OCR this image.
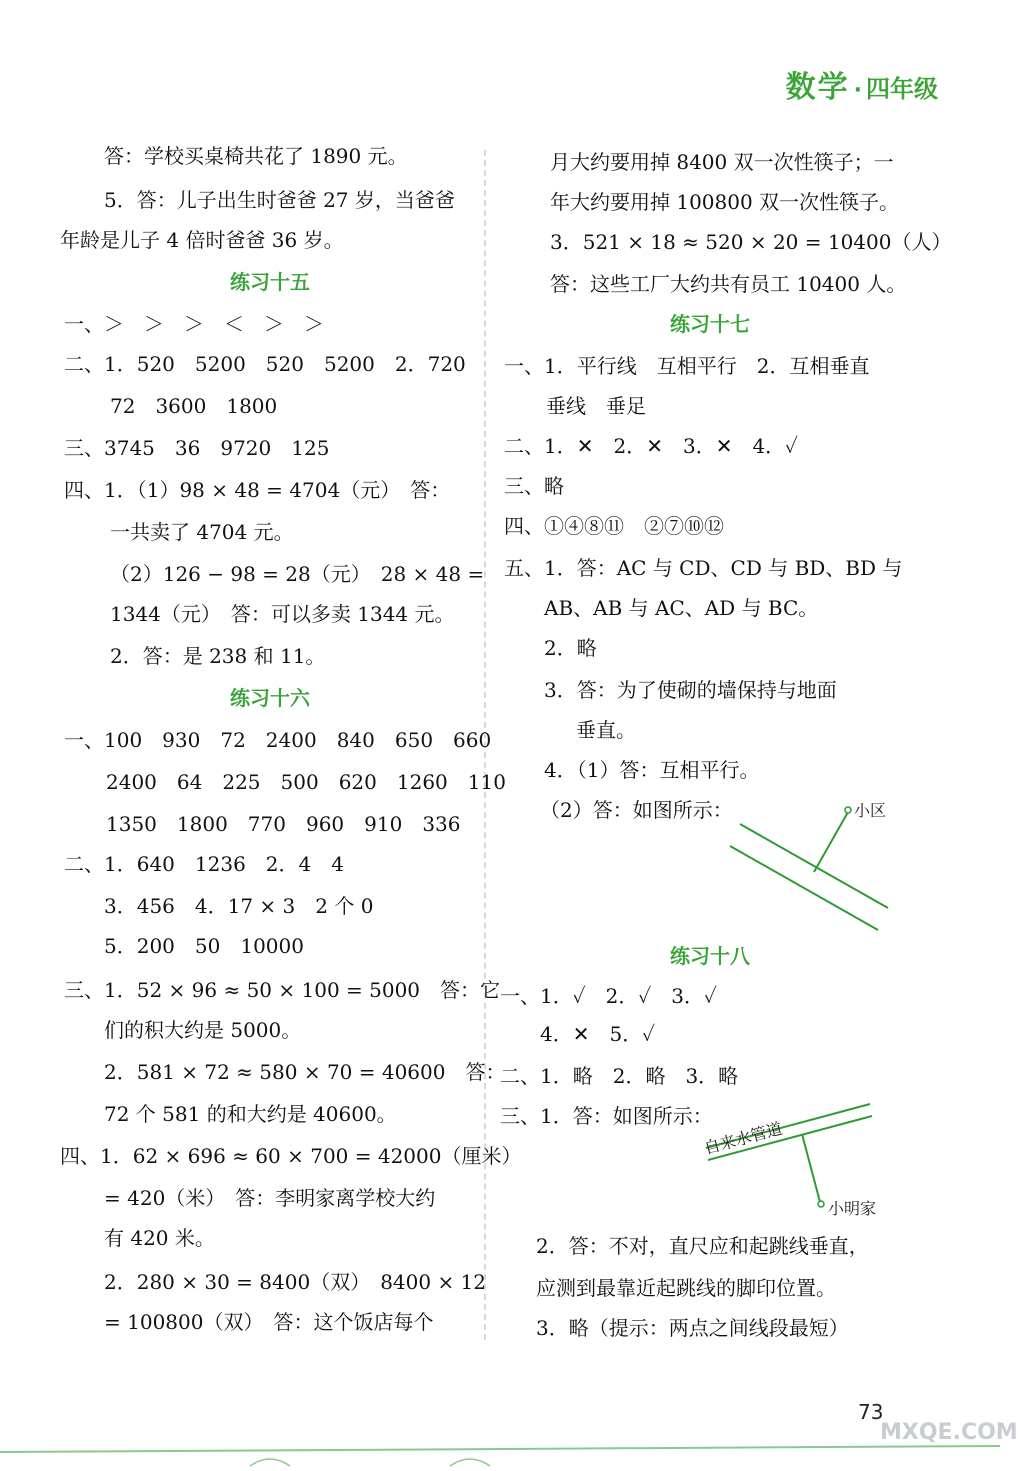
数学 · 四年级
答：学校买桌椅共花了 1890 元。
5．答：儿子出生时爸爸 27 岁，当爸爸
年龄是儿子 4 倍时爸爸 36 岁。
练习十五
一、＞　＞　＞　＜　＞　＞
二、1．520　5200　520　5200　2．720
72　3600　1800
三、3745　36　9720　125
四、1．（1）98 × 48 = 4704（元）　答：
一共卖了 4704 元。
（2）126 − 98 = 28（元）　28 × 48 =
1344（元）　答：可以多卖 1344 元。
2．答：是 238 和 11。
练习十六
一、100　930　72　2400　840　650　660
2400　64　225　500　620　1260　110
1350　1800　770　960　910　336
二、1．640　1236　2．4　4
3．456　4．17 × 3　2 个 0
5．200　50　10000
三、1．52 × 96 ≈ 50 × 100 = 5000　答：它
们的积大约是 5000。
2．581 × 72 ≈ 580 × 70 = 40600　答：
72 个 581 的和大约是 40600。
四、1．62 × 696 ≈ 60 × 700 = 42000（厘米）
= 420（米）　答：李明家离学校大约
有 420 米。
2．280 × 30 = 8400（双）　8400 × 12
= 100800（双）　答：这个饭店每个
月大约要用掉 8400 双一次性筷子；一
年大约要用掉 100800 双一次性筷子。
3．521 × 18 ≈ 520 × 20 = 10400（人）
答：这些工厂大约共有员工 10400 人。
练习十七
一、1．平行线　互相平行　2．互相垂直
垂线　垂足
二、1．✕　2．✕　3．✕　4．✓
三、略
四、①④⑧⑪　②⑦⑩⑫
五、1．答：AC 与 CD、CD 与 BD、BD 与
AB、AB 与 AC、AD 与 BC。
2．略
3．答：为了使砌的墙保持与地面
垂直。
4．（1）答：互相平行。
（2）答：如图所示：	小区
练习十八
一、1．✓　2．✓　3．✓
4．✕　5．✓
二、1．略　2．略　3．略
三、1．答：如图所示：
自来水管道
小明家
2．答：不对，直尺应和起跳线垂直，
应测到最靠近起跳线的脚印位置。
3．略（提示：两点之间线段最短）
73
MXQE.COM
